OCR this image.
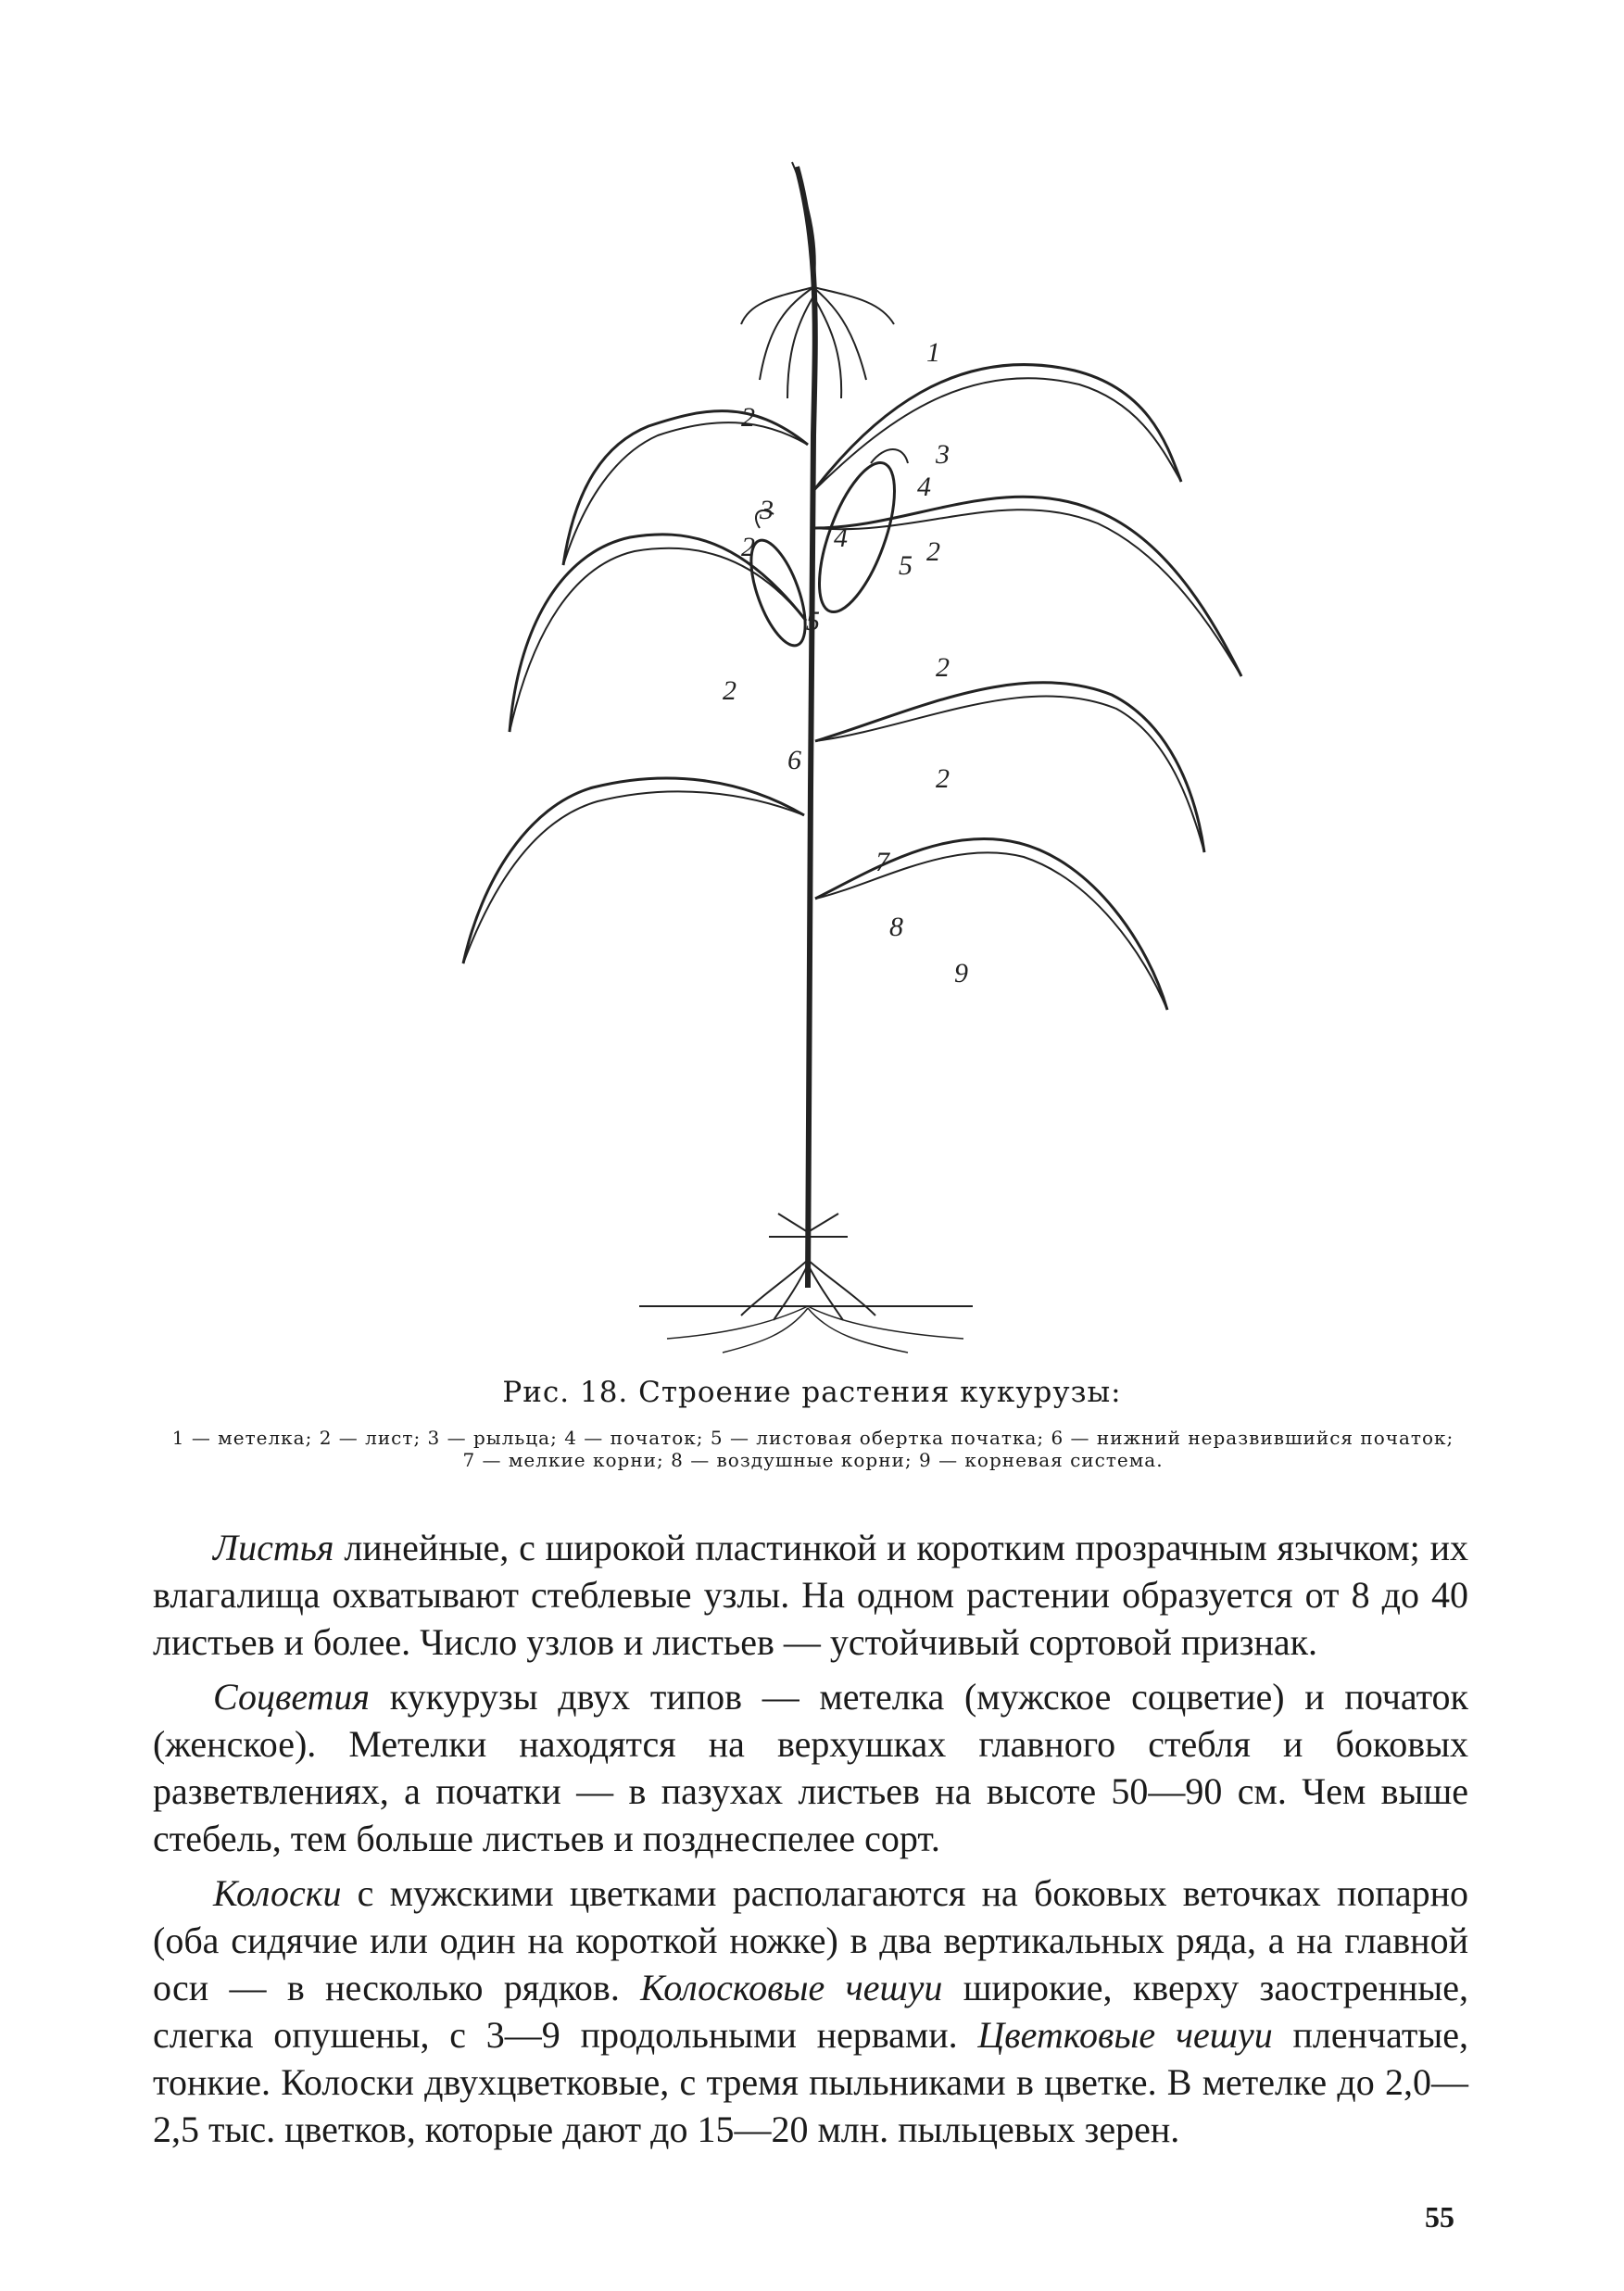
1
2
2
2
2
2
2
3
3
4
4
5
5
6
7
8
9
Рис. 18. Строение растения кукурузы:
1 — метелка; 2 — лист; 3 — рыльца; 4 — початок; 5 — листовая обертка початка; 6 — нижний неразвившийся початок; 7 — мелкие корни; 8 — воздушные корни; 9 — корневая система.

Листья линейные, с широкой пластинкой и коротким прозрачным язычком; их влагалища охватывают стеблевые узлы. На одном растении образуется от 8 до 40 листьев и более. Число узлов и листьев — устойчивый сортовой признак.

Соцветия кукурузы двух типов — метелка (мужское соцветие) и початок (женское). Метелки находятся на верхушках главного стебля и боковых разветвлениях, а початки — в пазухах листьев на высоте 50—90 см. Чем выше стебель, тем больше листьев и позднеспелее сорт.

Колоски с мужскими цветками располагаются на боковых веточках попарно (оба сидячие или один на короткой ножке) в два вертикальных ряда, а на главной оси — в несколько рядков. Колосковые чешуи широкие, кверху заостренные, слегка опушены, с 3—9 продольными нервами. Цветковые чешуи пленчатые, тонкие. Колоски двухцветковые, с тремя пыльниками в цветке. В метелке до 2,0—2,5 тыс. цветков, которые дают до 15—20 млн. пыльцевых зерен.

55
